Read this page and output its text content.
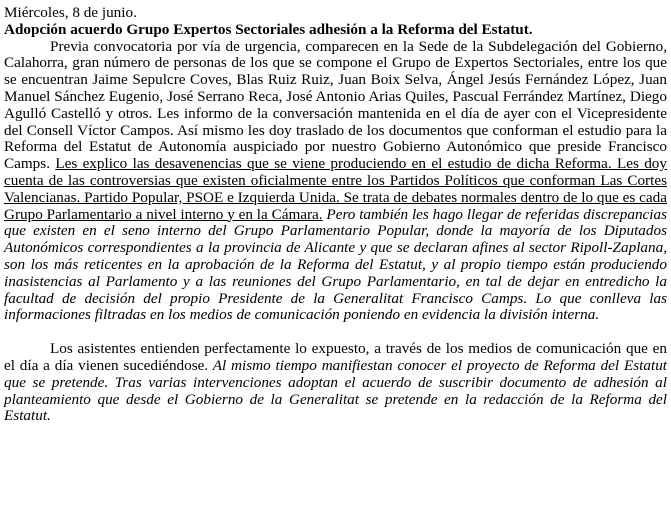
Miércoles, 8 de junio.

Adopción acuerdo Grupo Expertos Sectoriales adhesión a la Reforma del Estatut.

Previa convocatoria por vía de urgencia, comparecen en la Sede de la Subdelegación del Gobierno, Calahorra, gran número de personas de los que se compone el Grupo de Expertos Sectoriales, entre los que se encuentran Jaime Sepulcre Coves, Blas Ruiz Ruiz, Juan Boix Selva, Ángel Jesús Fernández López, Juan Manuel Sánchez Eugenio, José Serrano Reca, José Antonio Arias Quiles, Pascual Ferrández Martínez, Diego Agulló Castelló y otros. Les informo de la conversación mantenida en el día de ayer con el Vicepresidente del Consell Víctor Campos. Así mismo les doy traslado de los documentos que conforman el estudio para la Reforma del Estatut de Autonomía auspiciado por nuestro Gobierno Autonómico que preside Francisco Camps. Les explico las desavenencias que se viene produciendo en el estudio de dicha Reforma. Les doy cuenta de las controversias que existen oficialmente entre los Partidos Políticos que conforman Las Cortes Valencianas. Partido Popular, PSOE e Izquierda Unida. Se trata de debates normales dentro de lo que es cada Grupo Parlamentario a nivel interno y en la Cámara. Pero también les hago llegar de referidas discrepancias que existen en el seno interno del Grupo Parlamentario Popular, donde la mayoría de los Diputados Autonómicos correspondientes a la provincia de Alicante y que se declaran afines al sector Ripoll-Zaplana, son los más reticentes en la aprobación de la Reforma del Estatut, y al propio tiempo están produciendo inasistencias al Parlamento y a las reuniones del Grupo Parlamentario, en tal de dejar en entredicho la facultad de decisión del propio Presidente de la Generalitat Francisco Camps. Lo que conlleva las informaciones filtradas en los medios de comunicación poniendo en evidencia la división interna.

Los asistentes entienden perfectamente lo expuesto, a través de los medios de comunicación que en el día a día vienen sucediéndose. Al mismo tiempo manifiestan conocer el proyecto de Reforma del Estatut que se pretende. Tras varias intervenciones adoptan el acuerdo de suscribir documento de adhesión al planteamiento que desde el Gobierno de la Generalitat se pretende en la redacción de la Reforma del Estatut.
